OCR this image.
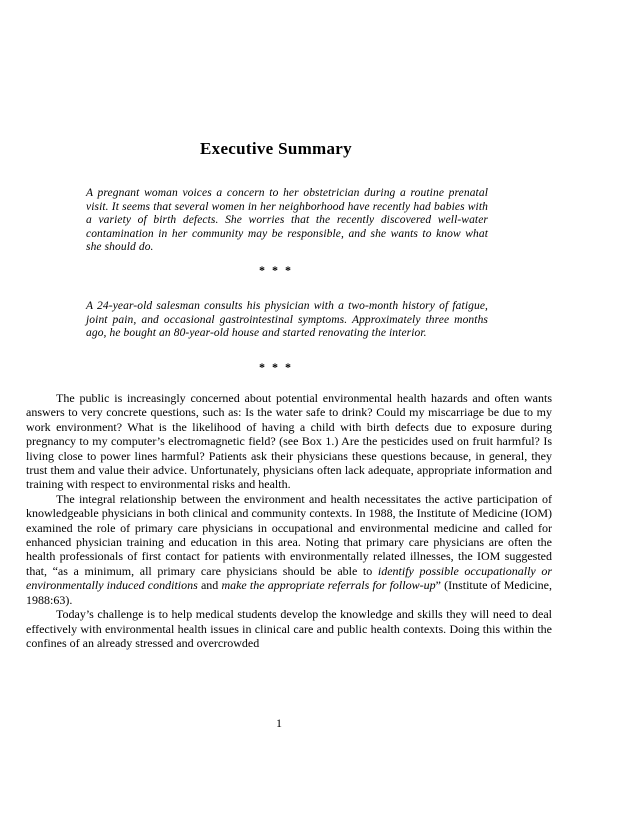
Executive Summary
A pregnant woman voices a concern to her obstetrician during a routine prenatal visit. It seems that several women in her neighborhood have recently had babies with a variety of birth defects. She worries that the recently discovered well-water contamination in her community may be responsible, and she wants to know what she should do.
* * *
A 24-year-old salesman consults his physician with a two-month history of fatigue, joint pain, and occasional gastrointestinal symptoms. Approximately three months ago, he bought an 80-year-old house and started renovating the interior.
* * *

The public is increasingly concerned about potential environmental health hazards and often wants answers to very concrete questions, such as: Is the water safe to drink? Could my miscarriage be due to my work environment? What is the likelihood of having a child with birth defects due to exposure during pregnancy to my computer’s electromagnetic field? (see Box 1.) Are the pesticides used on fruit harmful? Is living close to power lines harmful? Patients ask their physicians these questions because, in general, they trust them and value their advice. Unfortunately, physicians often lack adequate, appropriate information and training with respect to environmental risks and health.

The integral relationship between the environment and health necessitates the active participation of knowledgeable physicians in both clinical and community contexts. In 1988, the Institute of Medicine (IOM) examined the role of primary care physicians in occupational and environmental medicine and called for enhanced physician training and education in this area. Noting that primary care physicians are often the health professionals of first contact for patients with environmentally related illnesses, the IOM suggested that, “as a minimum, all primary care physicians should be able to identify possible occupationally or environmentally induced conditions and make the appropriate referrals for follow-up” (Institute of Medicine, 1988:63).

Today’s challenge is to help medical students develop the knowledge and skills they will need to deal effectively with environmental health issues in clinical care and public health contexts. Doing this within the confines of an already stressed and overcrowded

1
